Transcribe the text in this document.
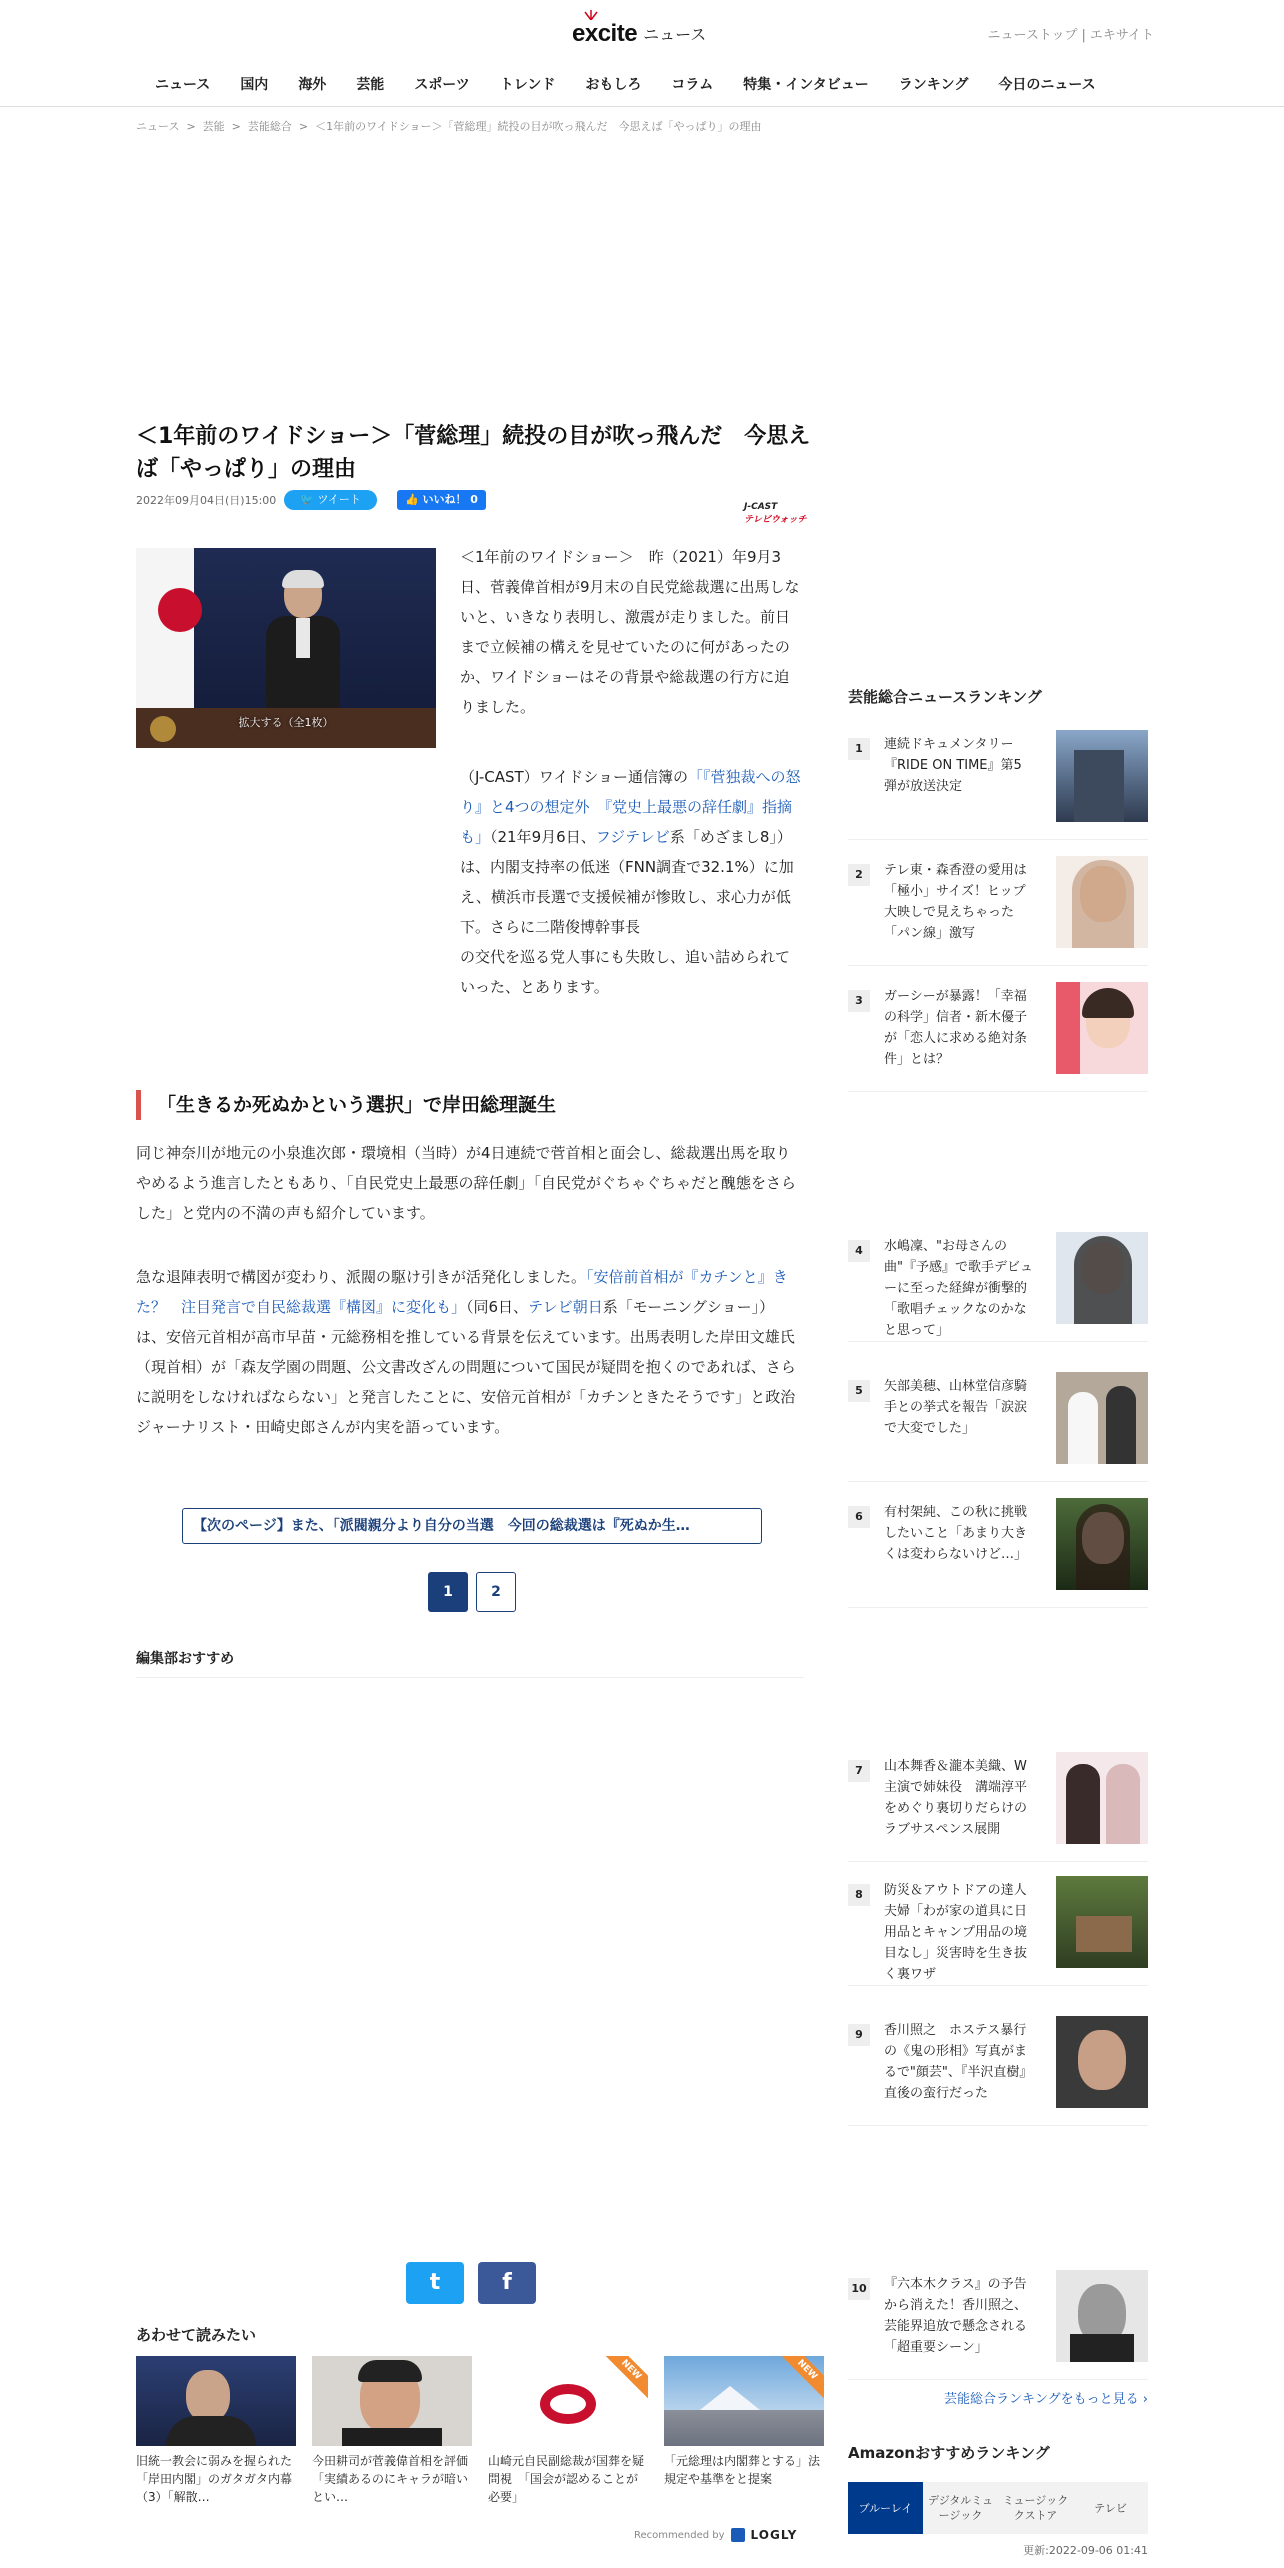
excite ニュース	ニューストップ | エキサイト
ニュース	国内	海外	芸能	スポーツ	トレンド	おもしろ	コラム	特集・インタビュー	ランキング	今日のニュース
ニュース > 芸能 > 芸能総合 > ＜1年前のワイドショー＞「菅総理」続投の目が吹っ飛んだ　今思えば「やっぱり」の理由
＜1年前のワイドショー＞「菅総理」続投の目が吹っ飛んだ　今思えば「やっぱり」の理由
2022年09月04日(日)15:00	🐦 ツイート	👍 いいね！ 0
J-CAST
テレビウォッチ
拡大する（全1枚）

＜1年前のワイドショー＞　昨（2021）年9月3日、菅義偉首相が9月末の自民党総裁選に出馬しないと、いきなり表明し、激震が走りました。前日まで立候補の構えを見せていたのに何があったのか、ワイドショーはその背景や総裁選の行方に迫りました。

（J-CAST）ワイドショー通信簿の「『菅独裁への怒り』と4つの想定外　『党史上最悪の辞任劇』指摘も」（21年9月6日、フジテレビ系「めざまし8」）は、内閣支持率の低迷（FNN調査で32.1%）に加え、横浜市長選で支援候補が惨敗し、求心力が低下。さらに二階俊博幹事長
の交代を巡る党人事にも失敗し、追い詰められていった、とあります。

「生きるか死ぬかという選択」で岸田総理誕生

同じ神奈川が地元の小泉進次郎・環境相（当時）が4日連続で菅首相と面会し、総裁選出馬を取りやめるよう進言したともあり、「自民党史上最悪の辞任劇」「自民党がぐちゃぐちゃだと醜態をさらした」と党内の不満の声も紹介しています。

急な退陣表明で構図が変わり、派閥の駆け引きが活発化しました。「安倍前首相が『カチンと』きた？　注目発言で自民総裁選『構図』に変化も」（同6日、テレビ朝日系「モーニングショー」）は、安倍元首相が高市早苗・元総務相を推している背景を伝えています。出馬表明した岸田文雄氏（現首相）が「森友学園の問題、公文書改ざんの問題について国民が疑問を抱くのであれば、さらに説明をしなければならない」と発言したことに、安倍元首相が「カチンときたそうです」と政治ジャーナリスト・田崎史郎さんが内実を語っています。

【次のページ】また、「派閥親分より自分の当選　今回の総裁選は『死ぬか生…
1	2
編集部おすすめ
t	f
あわせて読みたい
旧統一教会に弱みを握られた「岸田内閣」のガタガタ内幕（3）「解散…
今田耕司が菅義偉首相を評価「実績あるのにキャラが暗いとい…
NEW
山崎元自民副総裁が国葬を疑問視　「国会が認めることが必要」
NEW
「元総理は内閣葬とする」法規定や基準をと提案
Recommended by LOGLY
芸能総合ニュースランキング
1	連続ドキュメンタリー『RIDE ON TIME』第5弾が放送決定
2	テレ東・森香澄の愛用は「極小」サイズ！ヒップ大映しで見えちゃった「パン線」激写
3	ガーシーが暴露！「幸福の科学」信者・新木優子が「恋人に求める絶対条件」とは？
4	水嶋凜、"お母さんの曲"『予感』で歌手デビューに至った経緯が衝撃的「歌唱チェックなのかなと思って」
5	矢部美穂、山林堂信彦騎手との挙式を報告「涙涙で大変でした」
6	有村架純、この秋に挑戦したいこと「あまり大きくは変わらないけど…」
7	山本舞香＆瀧本美織、W主演で姉妹役　溝端淳平をめぐり裏切りだらけのラブサスペンス展開
8	防災＆アウトドアの達人夫婦「わが家の道具に日用品とキャンプ用品の境目なし」災害時を生き抜く裏ワザ
9	香川照之　ホステス暴行の《鬼の形相》写真がまるで"顔芸"、『半沢直樹』直後の蛮行だった
10 『六本木クラス』の予告から消えた！香川照之、芸能界追放で懸念される「超重要シーン」
芸能総合ランキングをもっと見る ›
Amazonおすすめランキング
ブルーレイ
デジタルミュージック
ミュージッククストア
テレビ
更新:2022-09-06 01:41
